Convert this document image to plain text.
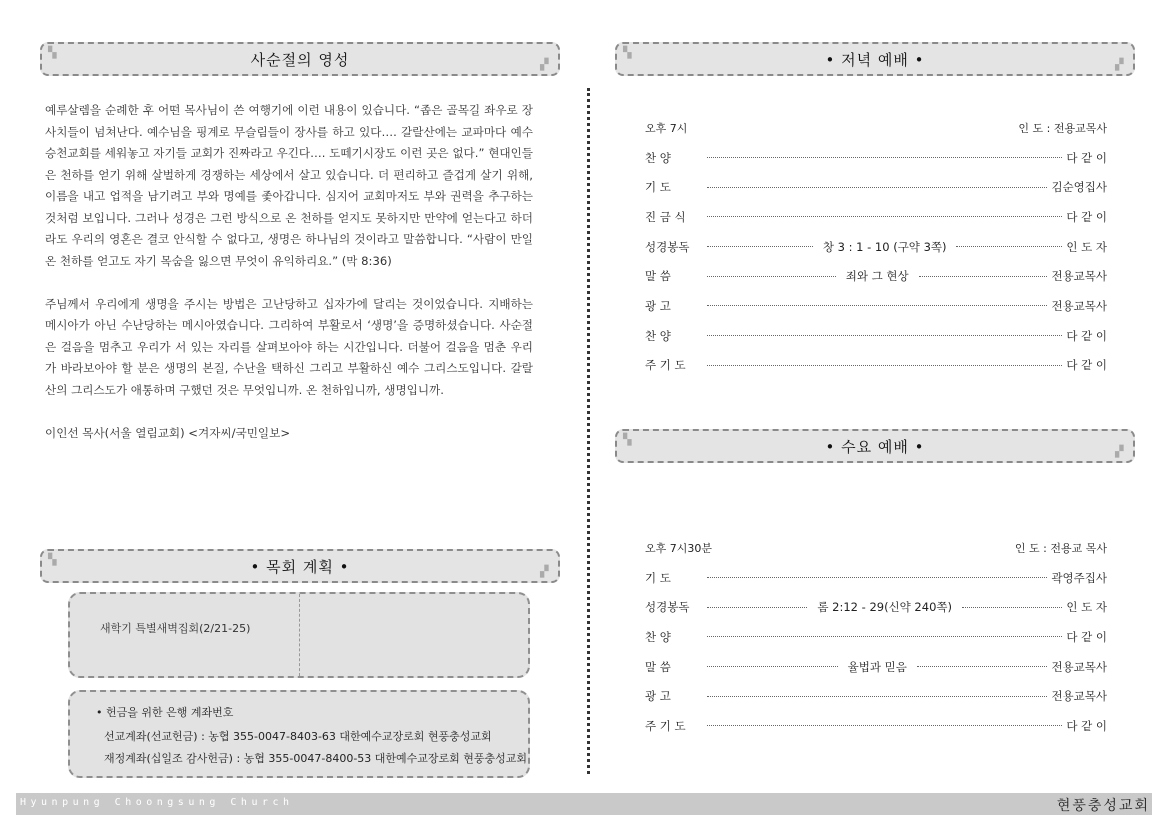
▚	사순절의 영성	▞

예루살렘을 순례한 후 어떤 목사님이 쓴 여행기에 이런 내용이 있습니다. “좁은 골목길 좌우로 장사치들이 넘쳐난다. 예수님을 핑계로 무슬림들이 장사를 하고 있다…. 갈랄산에는 교파마다 예수승천교회를 세워놓고 자기들 교회가 진짜라고 우긴다…. 도떼기시장도 이런 곳은 없다.” 현대인들은 천하를 얻기 위해 살벌하게 경쟁하는 세상에서 살고 있습니다. 더 편리하고 즐겁게 살기 위해, 이름을 내고 업적을 남기려고 부와 명예를 좇아갑니다. 심지어 교회마저도 부와 권력을 추구하는 것처럼 보입니다. 그러나 성경은 그런 방식으로 온 천하를 얻지도 못하지만 만약에 얻는다고 하더라도 우리의 영혼은 결코 안식할 수 없다고, 생명은 하나님의 것이라고 말씀합니다. “사람이 만일 온 천하를 얻고도 자기 목숨을 잃으면 무엇이 유익하리요.” (막 8:36)

주님께서 우리에게 생명을 주시는 방법은 고난당하고 십자가에 달리는 것이었습니다. 지배하는 메시아가 아닌 수난당하는 메시아였습니다. 그리하여 부활로서 ‘생명’을 증명하셨습니다. 사순절은 걸음을 멈추고 우리가 서 있는 자리를 살펴보아야 하는 시간입니다. 더불어 걸음을 멈춘 우리가 바라보아야 할 분은 생명의 본질, 수난을 택하신 그리고 부활하신 예수 그리스도입니다. 갈랄산의 그리스도가 애통하며 구했던 것은 무엇입니까. 온 천하입니까, 생명입니까.

이인선 목사(서울 열림교회) <겨자씨/국민일보>

▚	• 목회 계획 •	▞
새학기 특별새벽집회(2/21-25)
• 헌금을 위한 은행 계좌번호
선교계좌(선교헌금) : 농협 355-0047-8403-63 대한예수교장로회 현풍충성교회
재정계좌(십일조 감사헌금) : 농협 355-0047-8400-53 대한예수교장로회 현풍충성교회
▚	• 저녁 예배 •	▞
오후 7시	인 도 : 전용교목사
찬 양	다 같 이
기 도	김순영집사
진 금 식	다 같 이
성경봉독	창 3 : 1 - 10 (구약 3쪽)	인 도 자
말 씀	죄와 그 현상	전용교목사
광 고	전용교목사
찬 양	다 같 이
주 기 도	다 같 이
▚	• 수요 예배 •	▞
오후 7시30분	인 도 : 전용교 목사
기 도	곽영주집사
성경봉독	롬 2:12 - 29(신약 240쪽)	인 도 자
찬 양	다 같 이
말 씀	율법과 믿음	전용교목사
광 고	전용교목사
주 기 도	다 같 이
Hyunpung Choongsung Church	현풍충성교회
